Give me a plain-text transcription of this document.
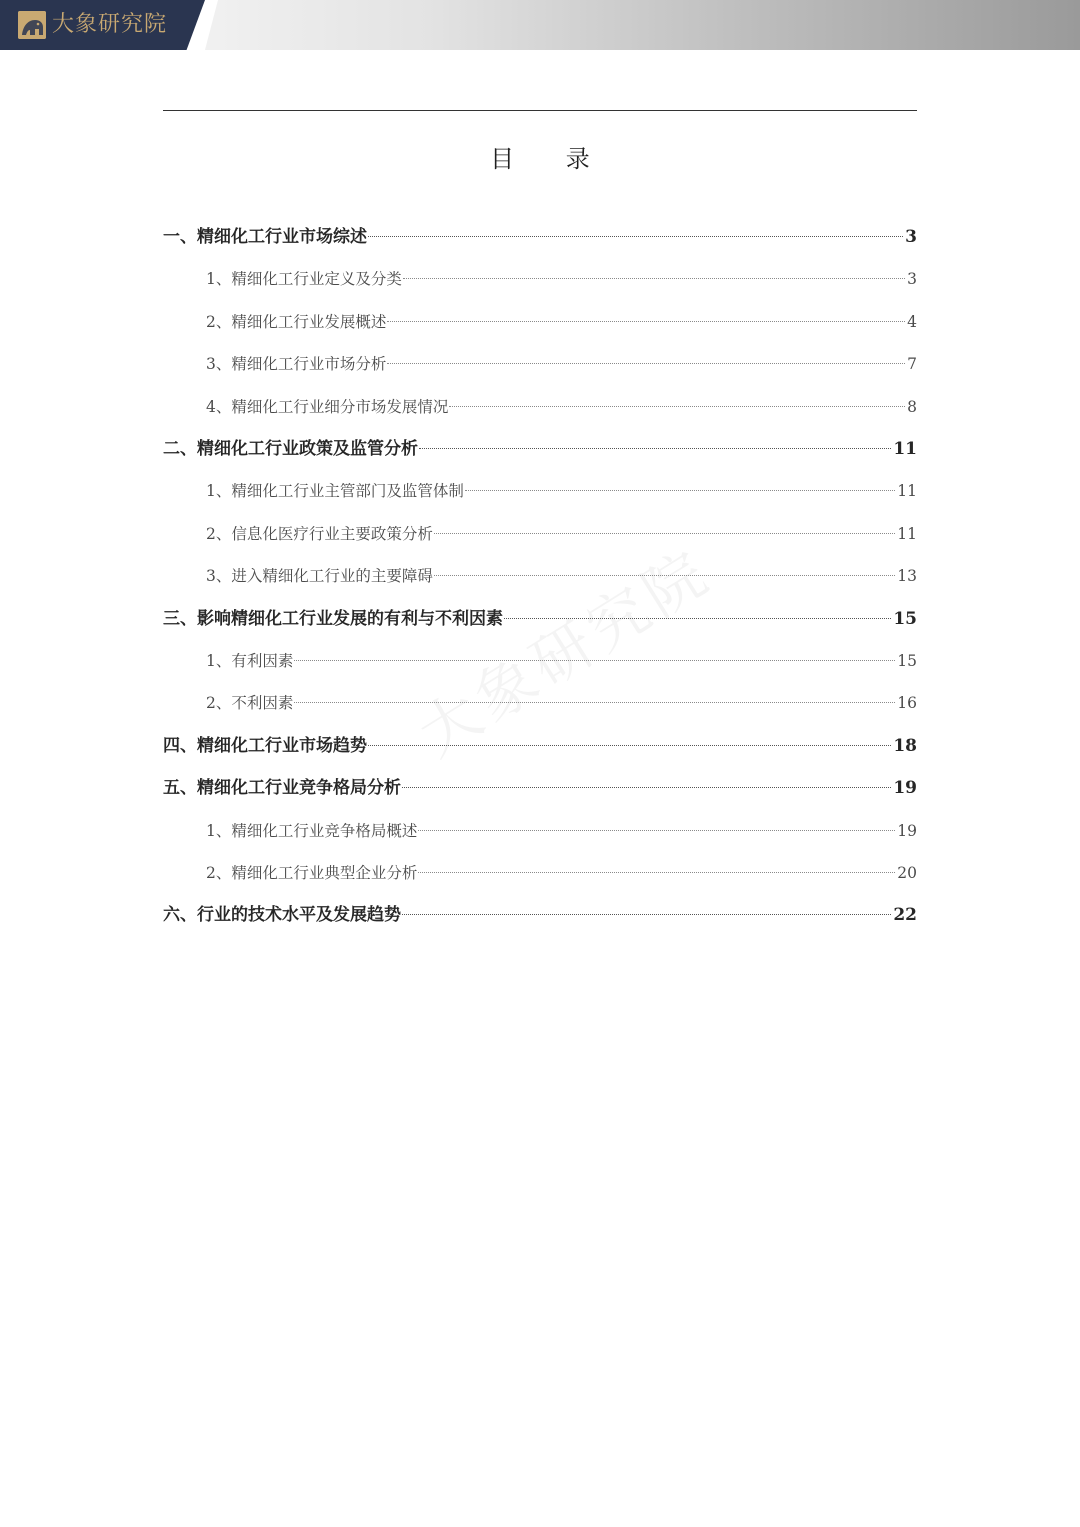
大象研究院
目 录
一、精细化工行业市场综述	3
1、精细化工行业定义及分类	3
2、精细化工行业发展概述	4
3、精细化工行业市场分析	7
4、精细化工行业细分市场发展情况	8
二、精细化工行业政策及监管分析	11
1、精细化工行业主管部门及监管体制	11
2、信息化医疗行业主要政策分析	11
3、进入精细化工行业的主要障碍	13
三、影响精细化工行业发展的有利与不利因素	15
1、有利因素	15
2、不利因素	16
四、精细化工行业市场趋势	18
五、精细化工行业竞争格局分析	19
1、精细化工行业竞争格局概述	19
2、精细化工行业典型企业分析	20
六、行业的技术水平及发展趋势	22
大象研究院
